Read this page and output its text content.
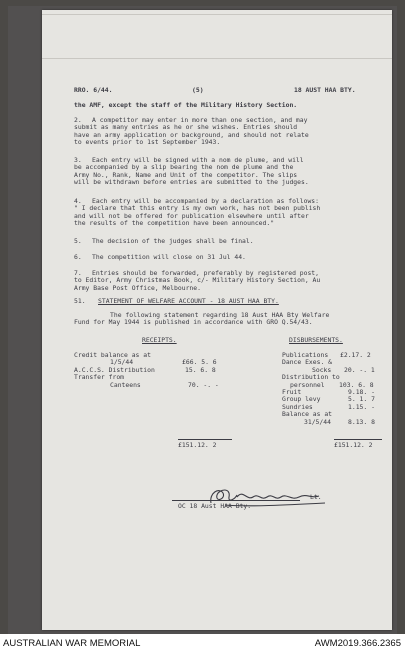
RRO. 6/44.	(5)	18 AUST HAA BTY.
the AMF, except the staff of the Military History Section.
2. A competitor may enter in more than one section, and may
submit as many entries as he or she wishes. Entries should
have an army application or background, and should not relate
to events prior to 1st September 1943.
3. Each entry will be signed with a nom de plume, and will
be accompanied by a slip bearing the nom de plume and the
Army No., Rank, Name and Unit of the competitor. The slips
will be withdrawn before entries are submitted to the judges.
4. Each entry will be accompanied by a declaration as follows:
" I declare that this entry is my own work, has not been publish
and will not be offered for publication elsewhere until after
the results of the competition have been announced."
5. The decision of the judges shall be final.
6. The competition will close on 31 Jul 44.
7. Entries should be forwarded, preferably by registered post,
to Editor, Army Christmas Book, c/- Military History Section, Au
Army Base Post Office, Melbourne.
51. STATEMENT OF WELFARE ACCOUNT - 18 AUST HAA BTY.
The following statement regarding 18 Aust HAA Bty Welfare
Fund for May 1944 is published in accordance with GRO Q.54/43.
RECEIPTS.
Credit balance as at
1/5/44	£66. 5. 6
A.C.C.S. Distribution	15. 6. 8
Transfer from
Canteens	70. -. -
£151.12. 2
DISBURSEMENTS.
Publications £2.17. 2
Dance Exes. &
Socks 20. -. 1
Distribution to
personnel 103. 6. 8
Fruit	9.18. -
Group levy	5. 1. 7
Sundries	1.15. -
Balance as at
31/5/44	8.13. 8
£151.12. 2
Lt.
OC 18 Aust HAA Bty.
AUSTRALIAN WAR MEMORIAL	AWM2019.366.2365
